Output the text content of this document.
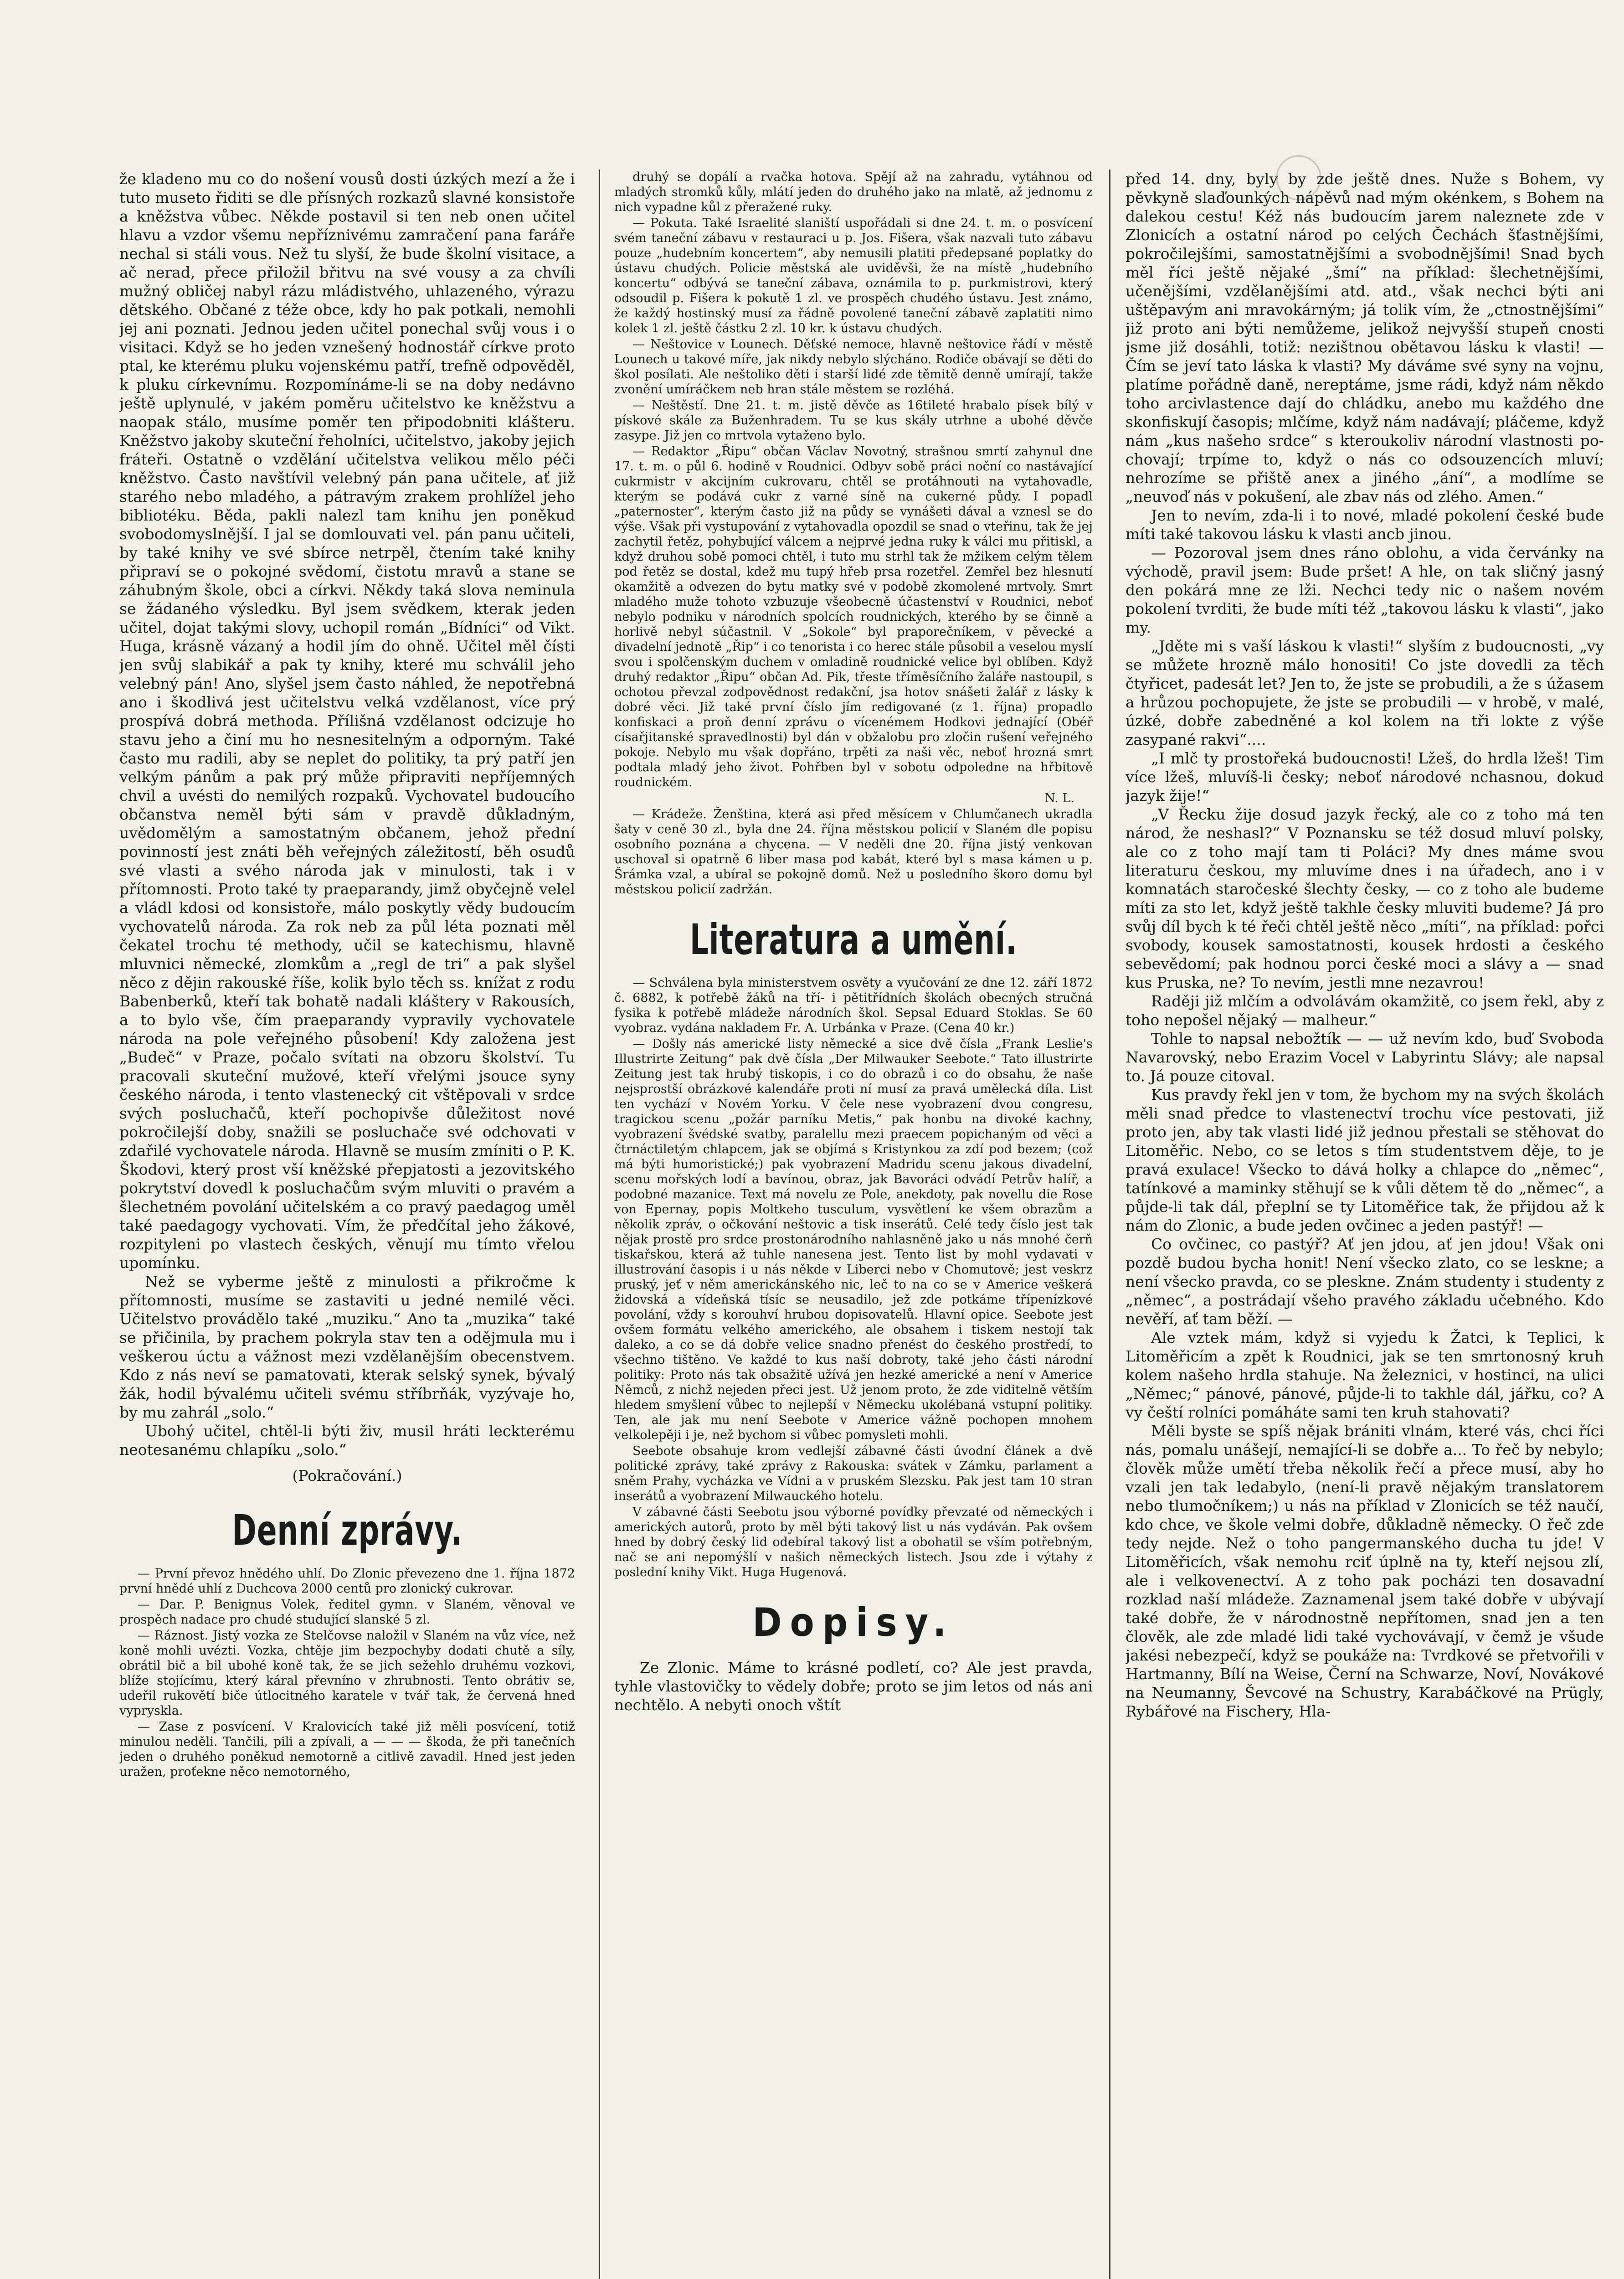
že kladeno mu co do nošení vousů dosti úzkých mezí a že i tuto museto řiditi se dle přísných rozkazů slavné konsistoře a kněžstva vůbec. Někde postavil si ten neb onen učitel hlavu a vzdor všemu nepříznivému zamračení pana faráře nechal si stáli vous. Než tu slyší, že bude školní visitace, a ač nerad, přece přiložil břitvu na své vousy a za chvíli mužný obličej nabyl rázu mládistvého, uhlazeného, výrazu dětského. Občané z téže obce, kdy ho pak potkali, nemohli jej ani poznati. Jednou jeden učitel ponechal svůj vous i o visitaci. Když se ho jeden vznešený hodnostář církve proto ptal, ke kterému pluku vojenskému patří, trefně odpověděl, k pluku církevnímu. Rozpomínáme-li se na doby nedávno ještě uplynulé, v jakém poměru učitelstvo ke kněžstvu a naopak stálo, musíme poměr ten připodobniti klášteru. Kněžstvo jakoby skuteční řeholníci, učitelstvo, jakoby jejich fráteři. Ostatně o vzdělání učitelstva velikou mělo péči kněžstvo. Často navštívil velebný pán pana učitele, ať již starého nebo mladého, a pátravým zrakem prohlížel jeho bibliotéku. Běda, pakli nalezl tam knihu jen poněkud svobodomyslnější. I jal se domlouvati vel. pán panu učiteli, by také knihy ve své sbírce netrpěl, čtením také knihy připraví se o pokojné svědomí, čistotu mravů a stane se záhubným škole, obci a církvi. Někdy taká slova neminula se žádaného výsledku. Byl jsem svědkem, kterak jeden učitel, dojat takými slovy, uchopil román „Bídníci“ od Vikt. Huga, krásně vázaný a hodil jím do ohně. Učitel měl čísti jen svůj slabikář a pak ty knihy, které mu schválil jeho velebný pán! Ano, slyšel jsem často náhled, že nepotřebná ano i škodlivá jest učitelstvu velká vzdělanost, více prý prospívá dobrá methoda. Přílišná vzdělanost odcizuje ho stavu jeho a činí mu ho nesnesitelným a odporným. Také často mu radili, aby se neplet do politiky, ta prý patří jen velkým pánům a pak prý může připraviti nepříjemných chvil a uvésti do nemilých rozpaků. Vychovatel budoucího občanstva neměl býti sám v pravdě důkladným, uvědomělým a samostatným občanem, jehož přední povinností jest znáti běh veřejných záležitostí, běh osudů své vlasti a svého národa jak v minulosti, tak i v přítomnosti. Proto také ty praeparandy, jimž obyčejně velel a vládl kdosi od konsistoře, málo poskytly vědy budoucím vychovatelů národa. Za rok neb za půl léta poznati měl čekatel trochu té methody, učil se katechismu, hlavně mluvnici německé, zlomkům a „regl de tri“ a pak slyšel něco z dějin rakouské říše, kolik bylo těch ss. knížat z rodu Babenberků, kteří tak bohatě nadali kláštery v Rakousích, a to bylo vše, čím praeparandy vypravily vychovatele národa na pole veřejného působení! Kdy založena jest „Budeč“ v Praze, počalo svítati na obzoru školství. Tu pracovali skuteční mužové, kteří vřelými jsouce syny českého národa, i tento vlastenecký cit vštěpovali v srdce svých posluchačů, kteří pochopivše důležitost nové pokročilejší doby, snažili se posluchače své odchovati v zdařilé vychovatele národa. Hlavně se musím zmíniti o P. K. Škodovi, který prost vší kněžské přepjatosti a jezovitského pokrytství dovedl k posluchačům svým mluviti o pravém a šlechetném povolání učitelském a co pravý paedagog uměl také paedagogy vychovati. Vím, že předčítal jeho žákové, rozpityleni po vlastech českých, věnují mu tímto vřelou upomínku.

Než se vyberme ještě z minulosti a přikročme k přítomnosti, musíme se zastaviti u jedné nemilé věci. Učitelstvo provádělo také „muziku.“ Ano ta „muzika“ také se přičinila, by prachem pokryla stav ten a odějmula mu i veškerou úctu a vážnost mezi vzdělanějším obecenstvem. Kdo z nás neví se pamatovati, kterak selský synek, bývalý žák, hodil bývalému učiteli svému stříbrňák, vyzývaje ho, by mu zahrál „solo.“

Ubohý učitel, chtěl-li býti živ, musil hráti leckterému neotesanému chlapíku „solo.“

(Pokračování.)

Denní zprávy.

— První převoz hnědého uhlí. Do Zlonic převezeno dne 1. října 1872 první hnědé uhlí z Duchcova 2000 centů pro zlonický cukrovar.

— Dar. P. Benignus Volek, ředitel gymn. v Slaném, věnoval ve prospěch nadace pro chudé studující slanské 5 zl.

— Ráznost. Jistý vozka ze Stelčovse naložil v Slaném na vůz více, než koně mohli uvézti. Vozka, chtěje jim bezpochyby dodati chutě a síly, obrátil bič a bil ubohé koně tak, že se jich sežehlo druhému vozkovi, blíže stojícímu, který káral převníno v zhrubnosti. Tento obrátiv se, udeřil rukovětí biče útlocitného karatele v tvář tak, že červená hned vypryskla.

— Zase z posvícení. V Kralovicích také již měli posvícení, totiž minulou neděli. Tančili, pili a zpívali, a — — — škoda, že při tanečních jeden o druhého poněkud nemotorně a citlivě zavadil. Hned jest jeden uražen, proťekne něco nemotorného,

druhý se dopálí a rvačka hotova. Spějí až na zahradu, vytáhnou od mladých stromků kůly, mlátí jeden do druhého jako na mlatě, až jednomu z nich vypadne kůl z přeražené ruky.

— Pokuta. Také Israelité slaniští uspořádali si dne 24. t. m. o posvícení svém taneční zábavu v restauraci u p. Jos. Fišera, však nazvali tuto zábavu pouze „hudebním koncertem“, aby nemusili platiti předepsané poplatky do ústavu chudých. Policie městská ale uviděvši, že na místě „hudebního koncertu“ odbývá se taneční zábava, oznámila to p. purkmistrovi, který odsoudil p. Fišera k pokutě 1 zl. ve prospěch chudého ústavu. Jest známo, že každý hostinský musí za řádně povolené taneční zábavě zaplatiti nimo kolek 1 zl. ještě částku 2 zl. 10 kr. k ústavu chudých.

— Neštovice v Lounech. Děťské nemoce, hlavně neštovice řádí v městě Lounech u takové míře, jak nikdy nebylo slýcháno. Rodiče obávají se děti do škol posílati. Ale neštoliko děti i starší lidé zde těmitě denně umírají, takže zvonění umíráčkem neb hran stále městem se rozléhá.

— Neštěstí. Dne 21. t. m. jistě děvče as 16tileté hrabalo písek bílý v pískové skále za Buženhradem. Tu se kus skály utrhne a ubohé děvče zasype. Již jen co mrtvola vytaženo bylo.

— Redaktor „Řipu“ občan Václav Novotný, strašnou smrtí zahynul dne 17. t. m. o půl 6. hodině v Roudnici. Odbyv sobě práci noční co nastávající cukrmistr v akcijním cukrovaru, chtěl se protáhnouti na vytahovadle, kterým se podává cukr z varné síně na cukerné půdy. I popadl „paternoster“, kterým často již na půdy se vynášeti dával a vznesl se do výše. Však při vystupování z vytahovadla opozdil se snad o vteřinu, tak že jej zachytil řetěz, pohybující válcem a nejprvé jedna ruky k válci mu přitiskl, a když druhou sobě pomoci chtěl, i tuto mu strhl tak že mžikem celým tělem pod řetěz se dostal, kdež mu tupý hřeb prsa rozetřel. Zemřel bez hlesnutí okamžitě a odvezen do bytu matky své v podobě zkomolené mrtvoly. Smrt mladého muže tohoto vzbuzuje všeobecně účastenství v Roudnici, neboť nebylo podniku v národních spolcích roudnických, kterého by se činně a horlivě nebyl súčastnil. V „Sokole“ byl praporečníkem, v pěvecké a divadelní jednotě „Řip“ i co tenorista i co herec stále působil a veselou myslí svou i spolčenským duchem v omladině roudnické velice byl oblíben. Když druhý redaktor „Řipu“ občan Ad. Pik, třeste tříměsíčního žaláře nastoupil, s ochotou převzal zodpovědnost redakční, jsa hotov snášeti žalář z lásky k dobré věci. Již také první číslo jím redigované (z 1. října) propadlo konfiskaci a proň denní zprávu o vícenémem Hodkovi jednající (Obéř císařjitanské spravedlnosti) byl dán v obžalobu pro zločin rušení veřejného pokoje. Nebylo mu však dopřáno, trpěti za naši věc, neboť hrozná smrt podtala mladý jeho život. Pohřben byl v sobotu odpoledne na hřbitově roudnickém.

N. L.

— Krádeže. Ženština, která asi před měsícem v Chlumčanech ukradla šaty v ceně 30 zl., byla dne 24. října městskou policií v Slaném dle popisu osobního poznána a chycena. — V neděli dne 20. října jistý venkovan uschoval si opatrně 6 liber masa pod kabát, které byl s masa kámen u p. Šrámka vzal, a ubíral se pokojně domů. Než u posledního škoro domu byl městskou policií zadržán.

Literatura a umění.

— Schválena byla ministerstvem osvěty a vyučování ze dne 12. září 1872 č. 6882, k potřebě žáků na tří- i pětitřídních školách obecných stručná fysika k potřebě mládeže národních škol. Sepsal Eduard Stoklas. Se 60 vyobraz. vydána nakladem Fr. A. Urbánka v Praze. (Cena 40 kr.)

— Došly nás americké listy německé a sice dvě čísla „Frank Leslie's Illustrirte Zeitung“ pak dvě čísla „Der Milwauker Seebote.“ Tato illustrirte Zeitung jest tak hrubý tiskopis, i co do obrazů i co do obsahu, že naše nejsprostší obrázkové kalendáře proti ní musí za pravá umělecká díla. List ten vychází v Novém Yorku. V čele nese vyobrazení dvou congresu, tragickou scenu „požár parníku Metis,“ pak honbu na divoké kachny, vyobrazení švédské svatby, paralellu mezi praecem popichaným od věci a čtrnáctiletým chlapcem, jak se objímá s Kristynkou za zdí pod bezem; (což má býti humoristické;) pak vyobrazení Madridu scenu jakous divadelní, scenu mořských lodí a bavínou, obraz, jak Bavoráci odvádí Petrův halíř, a podobné mazanice. Text má novelu ze Pole, anekdoty, pak novellu die Rose von Epernay, popis Moltkeho tusculum, vysvětlení ke všem obrazům a několik zpráv, o očkování neštovic a tisk inserátů. Celé tedy číslo jest tak nějak prostě pro srdce prostonárodního nahlasněně jako u nás mnohé čerň tiskařskou, která až tuhle nanesena jest. Tento list by mohl vydavati v illustrování časopis i u nás někde v Liberci nebo v Chomutově; jest veskrz pruský, jeť v něm americkánského nic, leč to na co se v Americe veškerá židovská a vídeňská tísíc se neusadilo, jež zde potkáme třípenízkové povolání, vždy s korouhví hrubou dopisovatelů. Hlavní opice. Seebote jest ovšem formátu velkého amerického, ale obsahem i tiskem nestojí tak daleko, a co se dá dobře velice snadno přenést do českého prostředí, to všechno tištěno. Ve každé to kus naší dobroty, také jeho části národní politiky: Proto nás tak obsažitě užívá jen hezké americké a není v Americe Němců, z nichž nejeden přeci jest. Už jenom proto, že zde viditelně větším hledem smyšlení vůbec to nejlepší v Německu ukolébaná vstupní politiky. Ten, ale jak mu není Seebote v Americe vážně pochopen mnohem velkolepěji i je, než bychom si vůbec pomysleti mohli.

Seebote obsahuje krom vedlejší zábavné části úvodní článek a dvě politické zprávy, také zprávy z Rakouska: svátek v Zámku, parlament a sněm Prahy, vycházka ve Vídni a v pruském Slezsku. Pak jest tam 10 stran inserátů a vyobrazení Milwauckého hotelu.

V zábavné části Seebotu jsou výborné povídky převzaté od německých i amerických autorů, proto by měl býti takový list u nás vydáván. Pak ovšem hned by dobrý český lid odebíral takový list a obohatil se vším potřebným, nač se ani nepomýšlí v našich německých listech. Jsou zde i výtahy z poslední knihy Vikt. Huga Hugenová.

Dopisy.

Ze Zlonic. Máme to krásné podletí, co? Ale jest pravda, tyhle vlastovičky to vědely dobře; proto se jim letos od nás ani nechtělo. A nebyti onoch vštít

před 14. dny, byly by zde ještě dnes. Nuže s Bohem, vy pěvkyně slaďounkých nápěvů nad mým okénkem, s Bohem na dalekou cestu! Kéž nás budoucím jarem naleznete zde v Zlonicích a ostatní národ po celých Čechách šťastnějšími, pokročilejšími, samostatnějšími a svobodnějšími! Snad bych měl říci ještě nějaké „šmí“ na příklad: šlechetnějšími, učenějšími, vzdělanějšími atd. atd., však nechci býti ani uštěpavým ani mravokárným; já tolik vím, že „ctnostnějšími“ již proto ani býti nemůžeme, jelikož nejvyšší stupeň cnosti jsme již dosáhli, totiž: nezištnou obětavou lásku k vlasti! — Čím se jeví tato láska k vlasti? My dáváme své syny na vojnu, platíme pořádně daně, nereptáme, jsme rádi, když nám někdo toho arcivlastence dají do chládku, anebo mu každého dne skonfiskují časopis; mlčíme, když nám nadávají; pláčeme, když nám „kus našeho srdce“ s kteroukoliv národní vlastnosti po-chovají; trpíme to, když o nás co odsouzencích mluví; nehrozíme se přiště anex a jiného „ání“, a modlíme se „neuvoď nás v pokušení, ale zbav nás od zlého. Amen.“

Jen to nevím, zda-li i to nové, mladé pokolení české bude míti také takovou lásku k vlasti ancb jinou.

— Pozoroval jsem dnes ráno oblohu, a vida červánky na východě, pravil jsem: Bude pršet! A hle, on tak sličný jasný den pokárá mne ze lži. Nechci tedy nic o našem novém pokolení tvrditi, že bude míti též „takovou lásku k vlasti“, jako my.

„Jděte mi s vaší láskou k vlasti!“ slyším z budoucnosti, „vy se můžete hrozně málo honositi! Co jste dovedli za těch čtyřicet, padesát let? Jen to, že jste se probudili, a že s úžasem a hrůzou pochopujete, že jste se probudili — v hrobě, v malé, úzké, dobře zabedněné a kol kolem na tři lokte z výše zasypané rakvi“....

„I mlč ty prostořeká budoucnosti! Lžeš, do hrdla lžeš! Tim více lžeš, mluvíš-li česky; neboť národové nchasnou, dokud jazyk žije!“

„V Řecku žije dosud jazyk řecký, ale co z toho má ten národ, že neshasl?“ V Poznansku se též dosud mluví polsky, ale co z toho mají tam ti Poláci? My dnes máme svou literaturu českou, my mluvíme dnes i na úřadech, ano i v komnatách staročeské šlechty česky, — co z toho ale budeme míti za sto let, když ještě takhle česky mluviti budeme? Já pro svůj díl bych k té řeči chtěl ještě něco „míti“, na příklad: pořci svobody, kousek samostatnosti, kousek hrdosti a českého sebevědomí; pak hodnou porci české moci a slávy a — snad kus Pruska, ne? To nevím, jestli mne nezavrou!

Raději již mlčím a odvolávám okamžitě, co jsem řekl, aby z toho nepošel nějaký — malheur.“

Tohle to napsal nebožtík — — už nevím kdo, buď Svoboda Navarovský, nebo Erazim Vocel v Labyrintu Slávy; ale napsal to. Já pouze citoval.

Kus pravdy řekl jen v tom, že bychom my na svých školách měli snad předce to vlastenectví trochu více pestovati, již proto jen, aby tak vlasti lidé již jednou přestali se stěhovat do Litoměřic. Nebo, co se letos s tím studentstvem děje, to je pravá exulace! Všecko to dává holky a chlapce do „němec“, tatínkové a maminky stěhují se k vůli dětem tě do „němec“, a půjde-li tak dál, přeplní se ty Litoměřice tak, že přijdou až k nám do Zlonic, a bude jeden ovčinec a jeden pastýř! —

Co ovčinec, co pastýř? Ať jen jdou, ať jen jdou! Však oni pozdě budou bycha honit! Není všecko zlato, co se leskne; a není všecko pravda, co se pleskne. Znám studenty i studenty z „němec“, a postrádají všeho pravého základu učebného. Kdo nevěří, ať tam běží. —

Ale vztek mám, když si vyjedu k Žatci, k Teplici, k Litoměřicím a zpět k Roudnici, jak se ten smrtonosný kruh kolem našeho hrdla stahuje. Na železnici, v hostinci, na ulici „Němec;“ pánové, pánové, půjde-li to takhle dál, jářku, co? A vy čeští rolníci pomáháte sami ten kruh stahovati?

Měli byste se spíš nějak brániti vlnám, které vás, chci říci nás, pomalu unášejí, nemající-li se dobře a... To řeč by nebylo; člověk může umětí třeba několik řečí a přece musí, aby ho vzali jen tak ledabylo, (není-li pravě nějakým translatorem nebo tlumočníkem;) u nás na příklad v Zlonicích se též naučí, kdo chce, ve škole velmi dobře, důkladně německy. O řeč zde tedy nejde. Než o toho pangermanského ducha tu jde! V Litoměřicích, však nemohu rciť úplně na ty, kteří nejsou zlí, ale i velkovenectví. A z toho pak pocházi ten dosavadní rozklad naší mládeže. Zaznamenal jsem také dobře v ubývají také dobře, že v národnostně nepřítomen, snad jen a ten člověk, ale zde mladé lidi také vychovávají, v čemž je všude jakési nebezpečí, když se poukáže na: Tvrdkové se přetvořili v Hartmanny, Bílí na Weise, Černí na Schwarze, Noví, Novákové na Neumanny, Ševcové na Schustry, Karabáčkové na Prügly, Rybářové na Fischery, Hla-
